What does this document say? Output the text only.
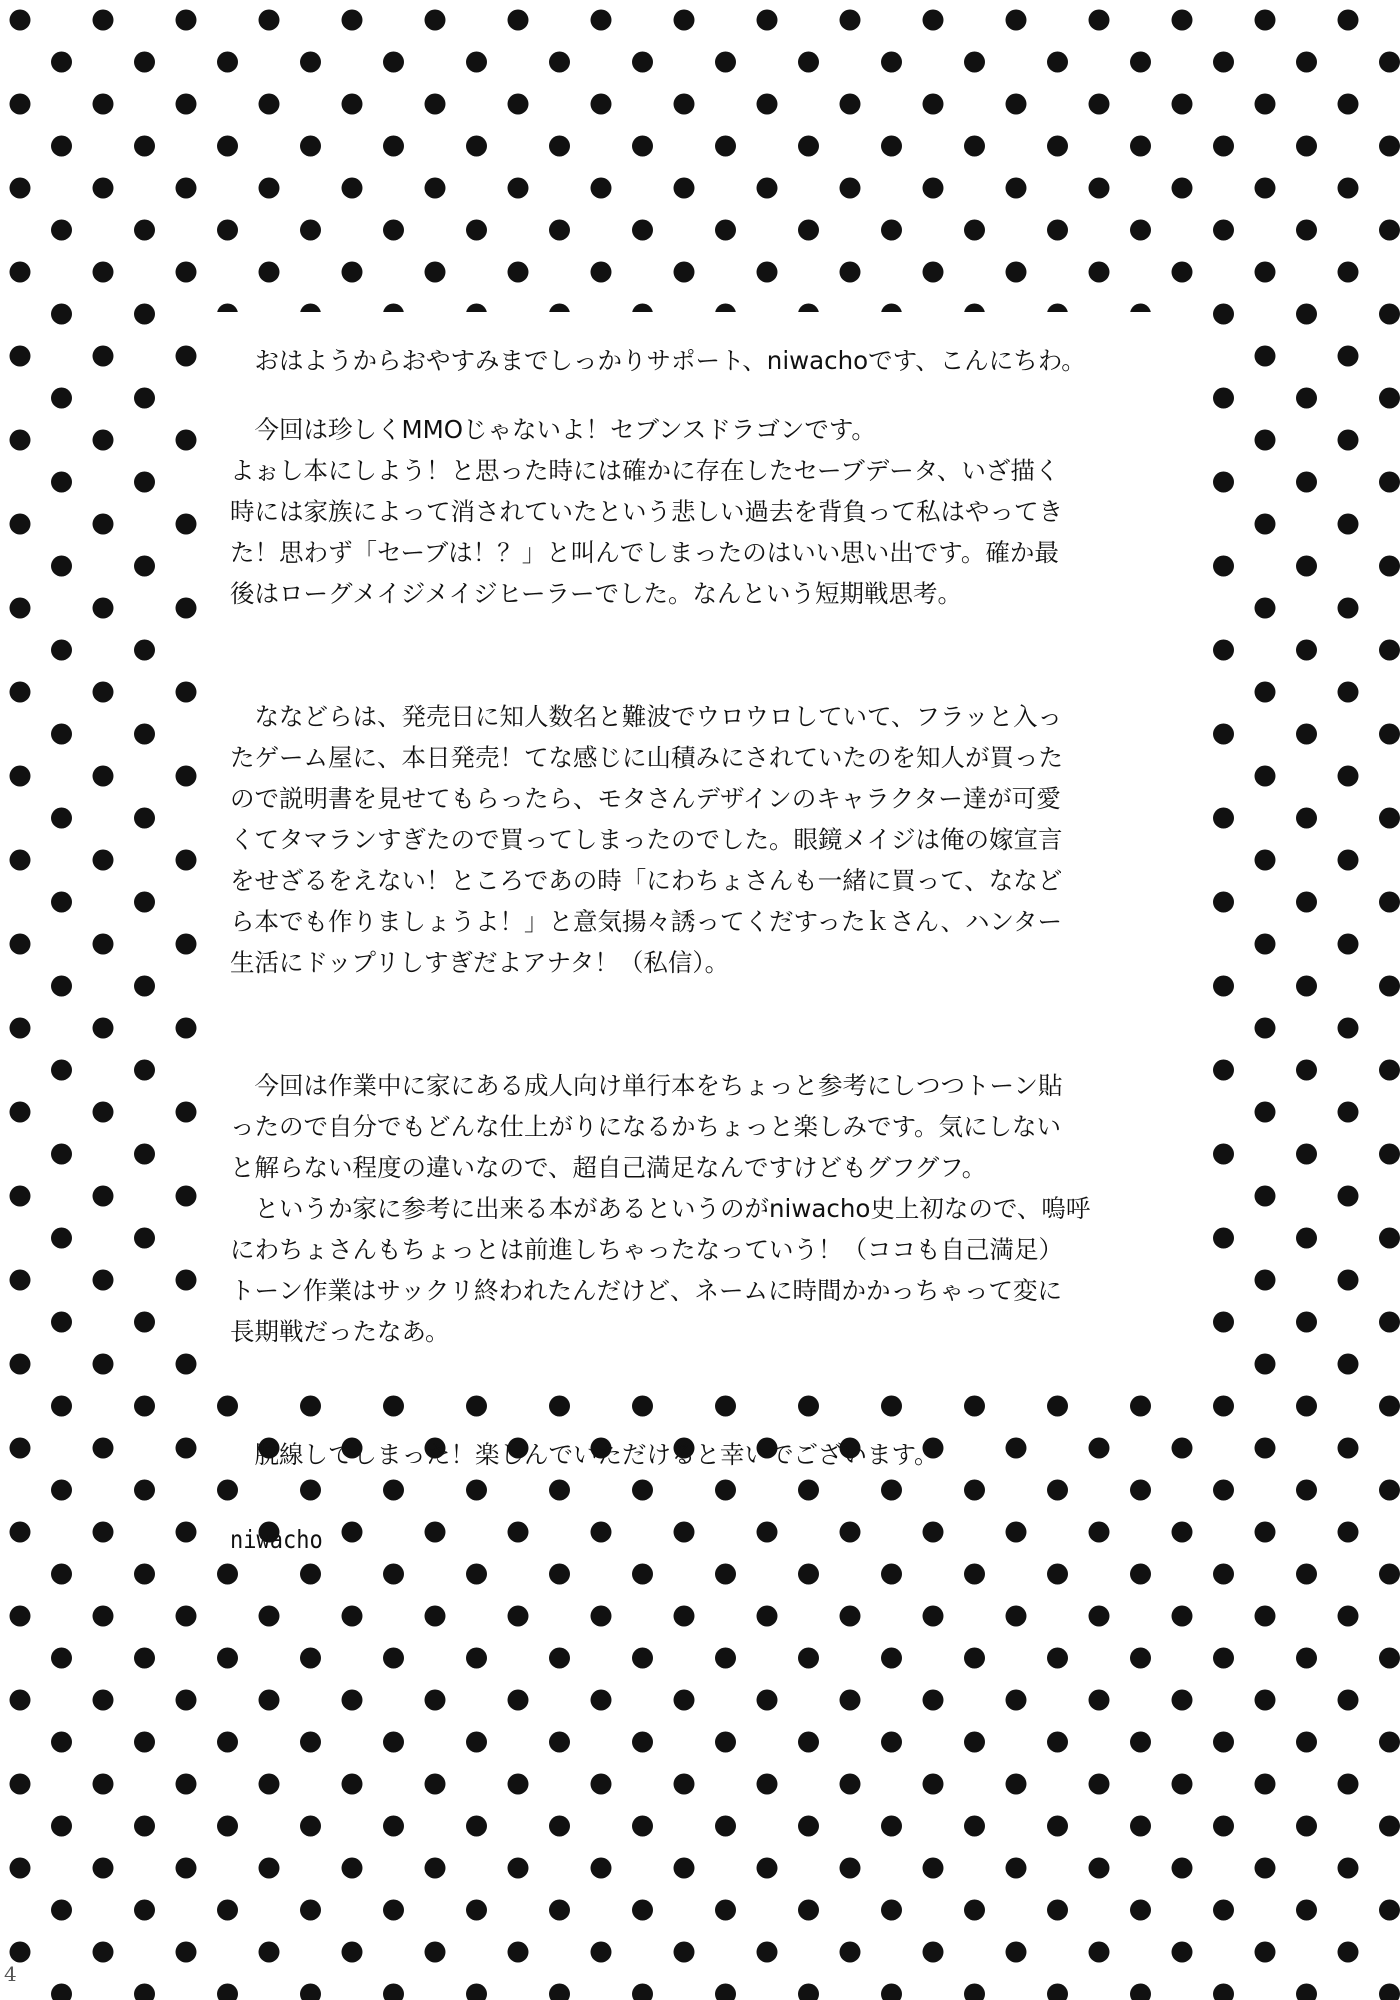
　おはようからおやすみまでしっかりサポート、niwachoです、こんにちわ。

　今回は珍しくMMOじゃないよ！セブンスドラゴンです。
よぉし本にしよう！と思った時には確かに存在したセーブデータ、いざ描く
時には家族によって消されていたという悲しい過去を背負って私はやってき
た！思わず「セーブは！？」と叫んでしまったのはいい思い出です。確か最
後はローグメイジメイジヒーラーでした。なんという短期戦思考。

　ななどらは、発売日に知人数名と難波でウロウロしていて、フラッと入っ
たゲーム屋に、本日発売！てな感じに山積みにされていたのを知人が買った
ので説明書を見せてもらったら、モタさんデザインのキャラクター達が可愛
くてタマランすぎたので買ってしまったのでした。眼鏡メイジは俺の嫁宣言
をせざるをえない！ところであの時「にわちょさんも一緒に買って、ななど
ら本でも作りましょうよ！」と意気揚々誘ってくだすったｋさん、ハンター
生活にドップリしすぎだよアナタ！（私信）。

　今回は作業中に家にある成人向け単行本をちょっと参考にしつつトーン貼
ったので自分でもどんな仕上がりになるかちょっと楽しみです。気にしない
と解らない程度の違いなので、超自己満足なんですけどもグフグフ。
　というか家に参考に出来る本があるというのがniwacho史上初なので、嗚呼
にわちょさんもちょっとは前進しちゃったなっていう！（ココも自己満足）
トーン作業はサックリ終われたんだけど、ネームに時間かかっちゃって変に
長期戦だったなあ。

　脱線してしまった！楽しんでいただけると幸いでございます。

niwacho

4
